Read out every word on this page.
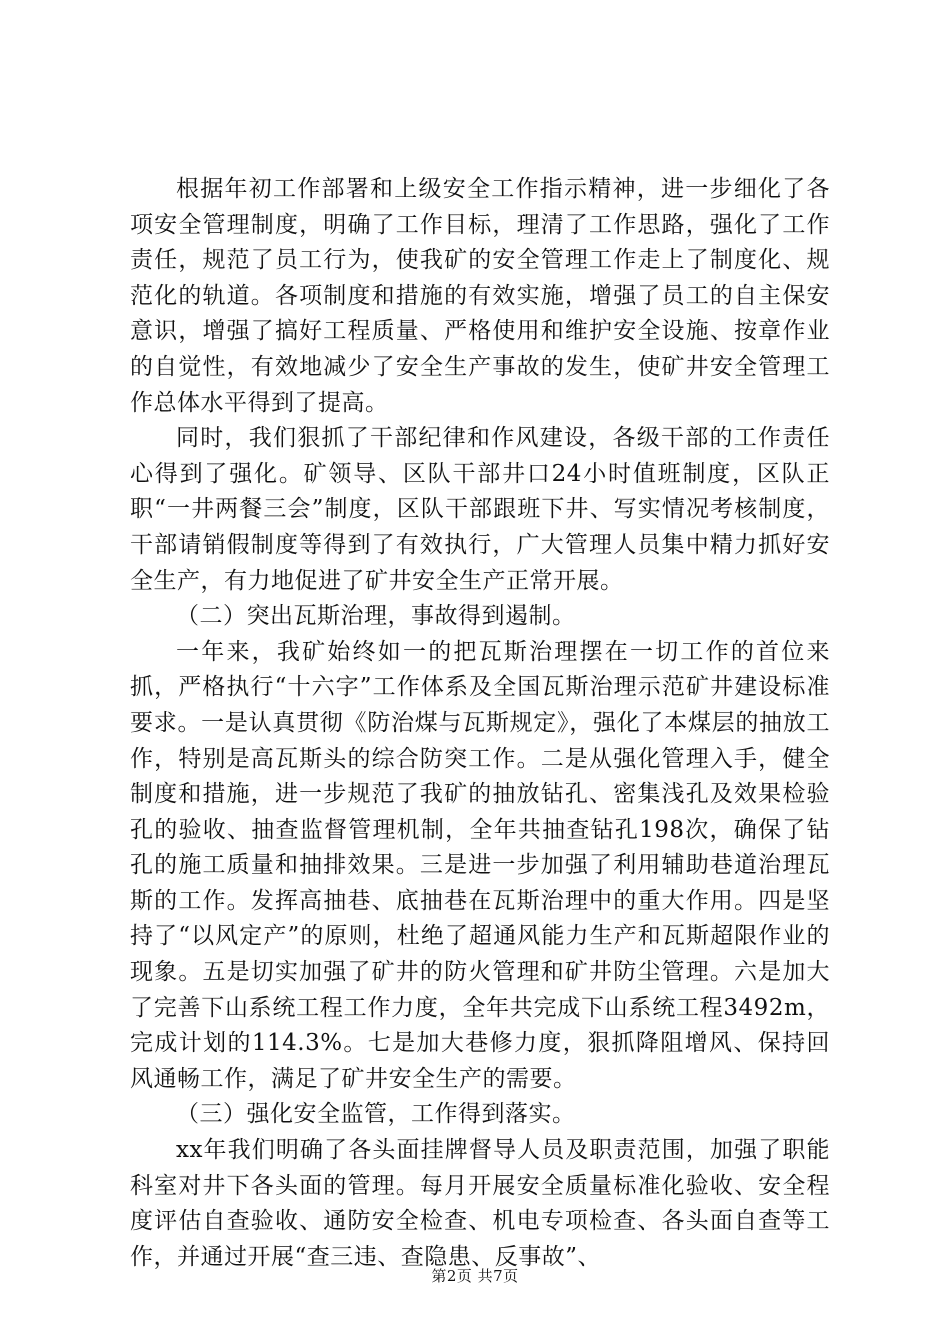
根据年初工作部署和上级安全工作指示精神，进一步细化了各项安全管理制度，明确了工作目标，理清了工作思路，强化了工作责任，规范了员工行为，使我矿的安全管理工作走上了制度化、规范化的轨道。各项制度和措施的有效实施，增强了员工的自主保安意识，增强了搞好工程质量、严格使用和维护安全设施、按章作业的自觉性，有效地减少了安全生产事故的发生，使矿井安全管理工作总体水平得到了提高。

同时，我们狠抓了干部纪律和作风建设，各级干部的工作责任心得到了强化。矿领导、区队干部井口24小时值班制度，区队正职“一井两餐三会”制度，区队干部跟班下井、写实情况考核制度，干部请销假制度等得到了有效执行，广大管理人员集中精力抓好安全生产，有力地促进了矿井安全生产正常开展。

（二）突出瓦斯治理，事故得到遏制。

一年来，我矿始终如一的把瓦斯治理摆在一切工作的首位来抓，严格执行“十六字”工作体系及全国瓦斯治理示范矿井建设标准要求。一是认真贯彻《防治煤与瓦斯规定》，强化了本煤层的抽放工作，特别是高瓦斯头的综合防突工作。二是从强化管理入手，健全制度和措施，进一步规范了我矿的抽放钻孔、密集浅孔及效果检验孔的验收、抽查监督管理机制，全年共抽查钻孔198次，确保了钻孔的施工质量和抽排效果。三是进一步加强了利用辅助巷道治理瓦斯的工作。发挥高抽巷、底抽巷在瓦斯治理中的重大作用。四是坚持了“以风定产”的原则，杜绝了超通风能力生产和瓦斯超限作业的现象。五是切实加强了矿井的防火管理和矿井防尘管理。六是加大了完善下山系统工程工作力度，全年共完成下山系统工程3492m，完成计划的114.3%。七是加大巷修力度，狠抓降阻增风、保持回风通畅工作，满足了矿井安全生产的需要。

（三）强化安全监管，工作得到落实。

xx年我们明确了各头面挂牌督导人员及职责范围，加强了职能科室对井下各头面的管理。每月开展安全质量标准化验收、安全程度评估自查验收、通防安全检查、机电专项检查、各头面自查等工作，并通过开展“查三违、查隐患、反事故”、

第2页 共7页
